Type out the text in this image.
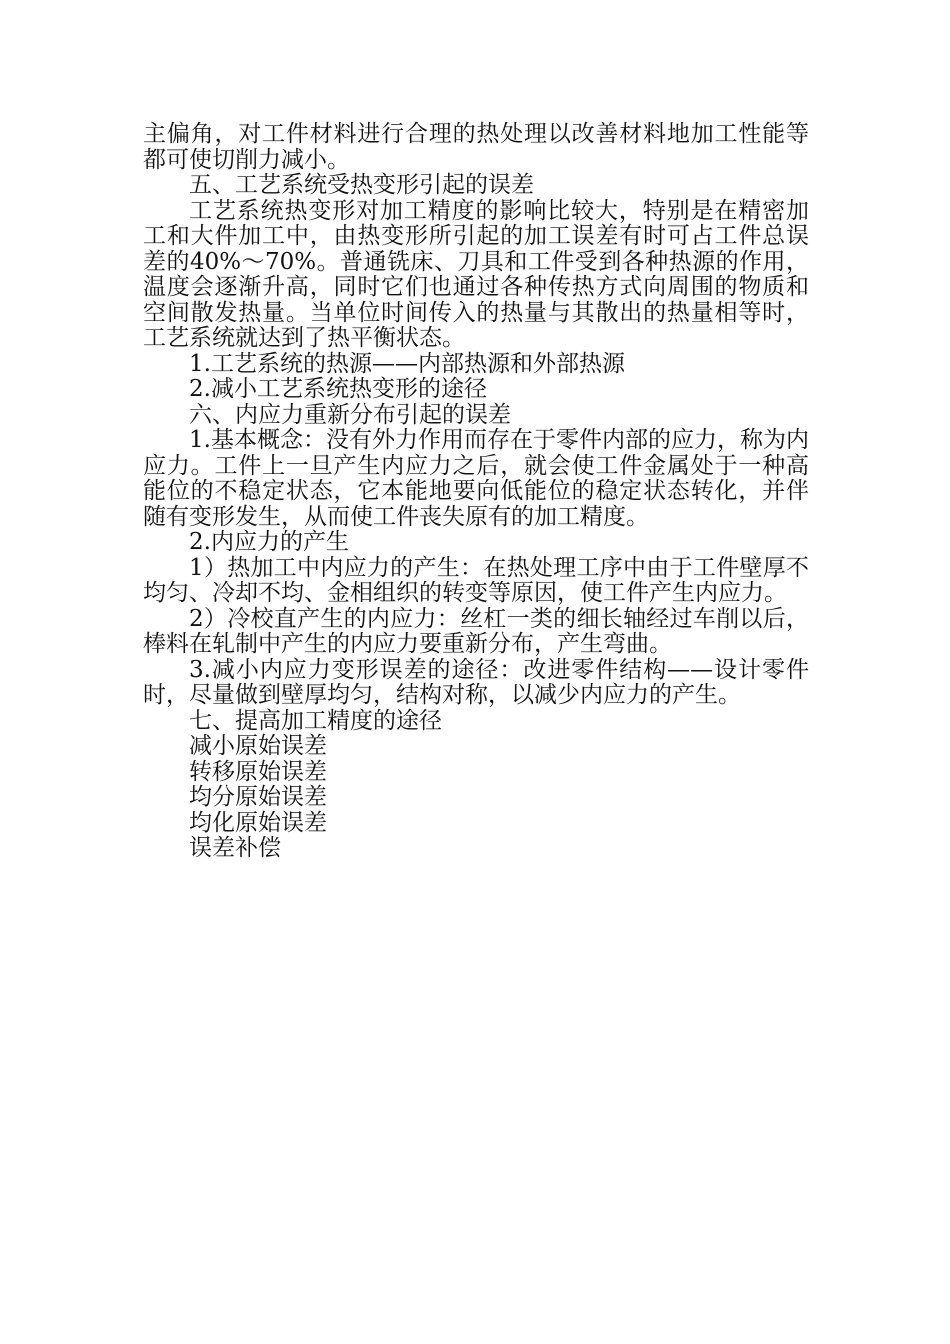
主偏角，对工件材料进行合理的热处理以改善材料地加工性能等都可使切削力减小。

五、工艺系统受热变形引起的误差

工艺系统热变形对加工精度的影响比较大，特别是在精密加工和大件加工中，由热变形所引起的加工误差有时可占工件总误差的40%～70%。普通铣床、刀具和工件受到各种热源的作用，温度会逐渐升高，同时它们也通过各种传热方式向周围的物质和空间散发热量。当单位时间传入的热量与其散出的热量相等时，工艺系统就达到了热平衡状态。

1.工艺系统的热源——内部热源和外部热源

2.减小工艺系统热变形的途径

六、内应力重新分布引起的误差

1.基本概念：没有外力作用而存在于零件内部的应力，称为内应力。工件上一旦产生内应力之后，就会使工件金属处于一种高能位的不稳定状态，它本能地要向低能位的稳定状态转化，并伴随有变形发生，从而使工件丧失原有的加工精度。

2.内应力的产生

1）热加工中内应力的产生：在热处理工序中由于工件壁厚不均匀、冷却不均、金相组织的转变等原因，使工件产生内应力。

2）冷校直产生的内应力：丝杠一类的细长轴经过车削以后，棒料在轧制中产生的内应力要重新分布，产生弯曲。

3.减小内应力变形误差的途径：改进零件结构——设计零件时，尽量做到壁厚均匀，结构对称，以减少内应力的产生。

七、提高加工精度的途径

减小原始误差

转移原始误差

均分原始误差

均化原始误差

误差补偿
